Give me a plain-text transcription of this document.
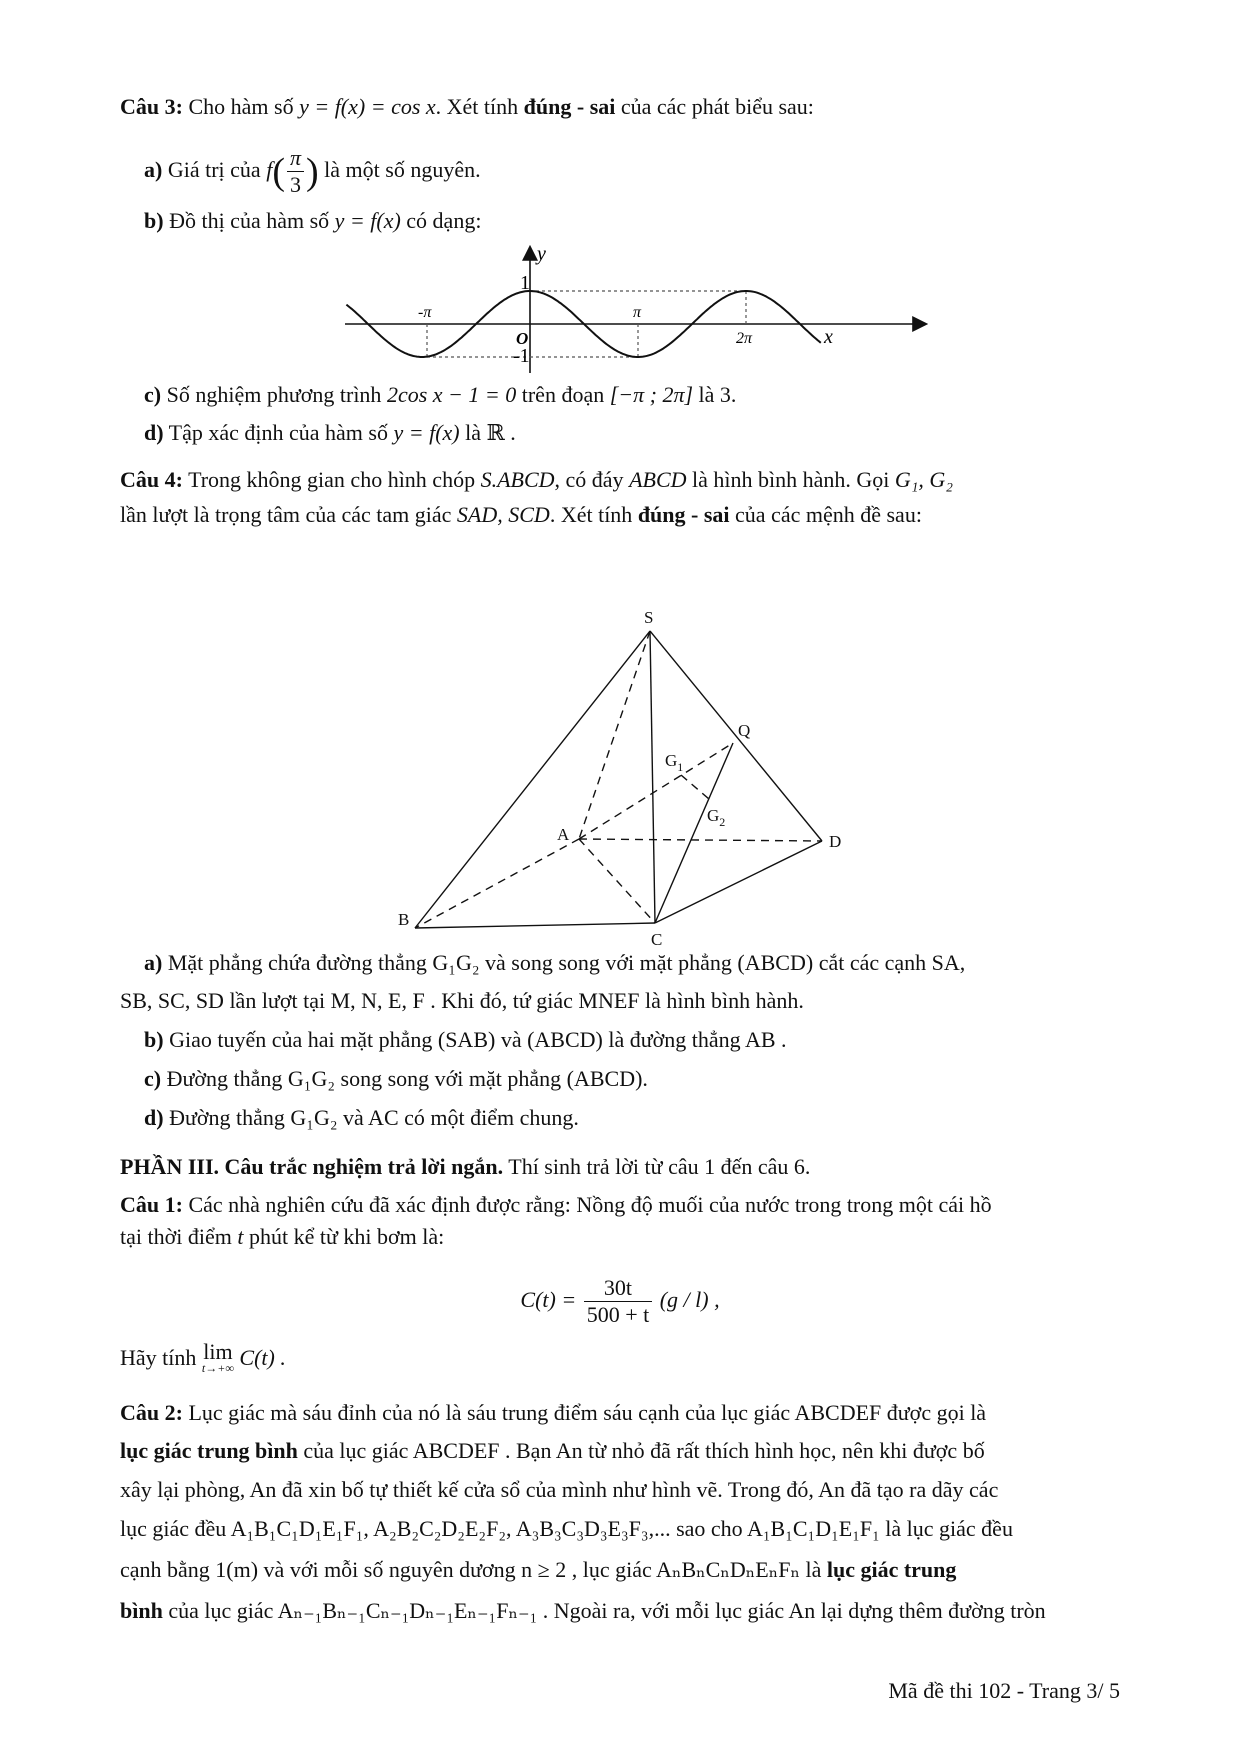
Câu 3: Cho hàm số y = f(x) = cos x. Xét tính đúng - sai của các phát biểu sau:
a) Giá trị của $f( \frac{\pi}{3}$ ) là một số nguyên.
b) Đồ thị của hàm số y = f(x) có dạng:
y
x
1
-1
O
-π	π
2π
c) Số nghiệm phương trình 2cos x − 1 = 0 trên đoạn [−π ; 2π] là 3.
d) Tập xác định của hàm số y = f(x) là ℝ .
Câu 4: Trong không gian cho hình chóp S.ABCD, có đáy ABCD là hình bình hành. Gọi G₁, G₂
lần lượt là trọng tâm của các tam giác SAD, SCD. Xét tính đúng - sai của các mệnh đề sau:
S
Q
$G_1$
$G_2$
A	D
B
C
a) Mặt phẳng chứa đường thẳng G₁G₂ và song song với mặt phẳng (ABCD) cắt các cạnh SA,
SB, SC, SD lần lượt tại M, N, E, F . Khi đó, tứ giác MNEF là hình bình hành.
b) Giao tuyến của hai mặt phẳng (SAB) và (ABCD) là đường thẳng AB .
c) Đường thẳng G₁G₂ song song với mặt phẳng (ABCD).
d) Đường thẳng G₁G₂ và AC có một điểm chung.
PHẦN III. Câu trắc nghiệm trả lời ngắn. Thí sinh trả lời từ câu 1 đến câu 6.
Câu 1: Các nhà nghiên cứu đã xác định được rằng: Nồng độ muối của nước trong trong một cái hồ
tại thời điểm t phút kể từ khi bơm là:
$C(t) = \frac{30t}{500 + t} (g / l)$ ,
Hãy tính lim
t→+∞ C(t) .
Câu 2: Lục giác mà sáu đỉnh của nó là sáu trung điểm sáu cạnh của lục giác ABCDEF được gọi là
lục giác trung bình của lục giác ABCDEF . Bạn An từ nhỏ đã rất thích hình học, nên khi được bố
xây lại phòng, An đã xin bố tự thiết kế cửa sổ của mình như hình vẽ. Trong đó, An đã tạo ra dãy các
lục giác đều A₁B₁C₁D₁E₁F₁, A₂B₂C₂D₂E₂F₂, A₃B₃C₃D₃E₃F₃,... sao cho A₁B₁C₁D₁E₁F₁ là lục giác đều
cạnh bằng 1(m) và với mỗi số nguyên dương n ≥ 2 , lục giác AₙBₙCₙDₙEₙFₙ là lục giác trung
bình của lục giác Aₙ₋₁Bₙ₋₁Cₙ₋₁Dₙ₋₁Eₙ₋₁Fₙ₋₁ . Ngoài ra, với mỗi lục giác An lại dựng thêm đường tròn
Mã đề thi 102 - Trang 3/ 5
